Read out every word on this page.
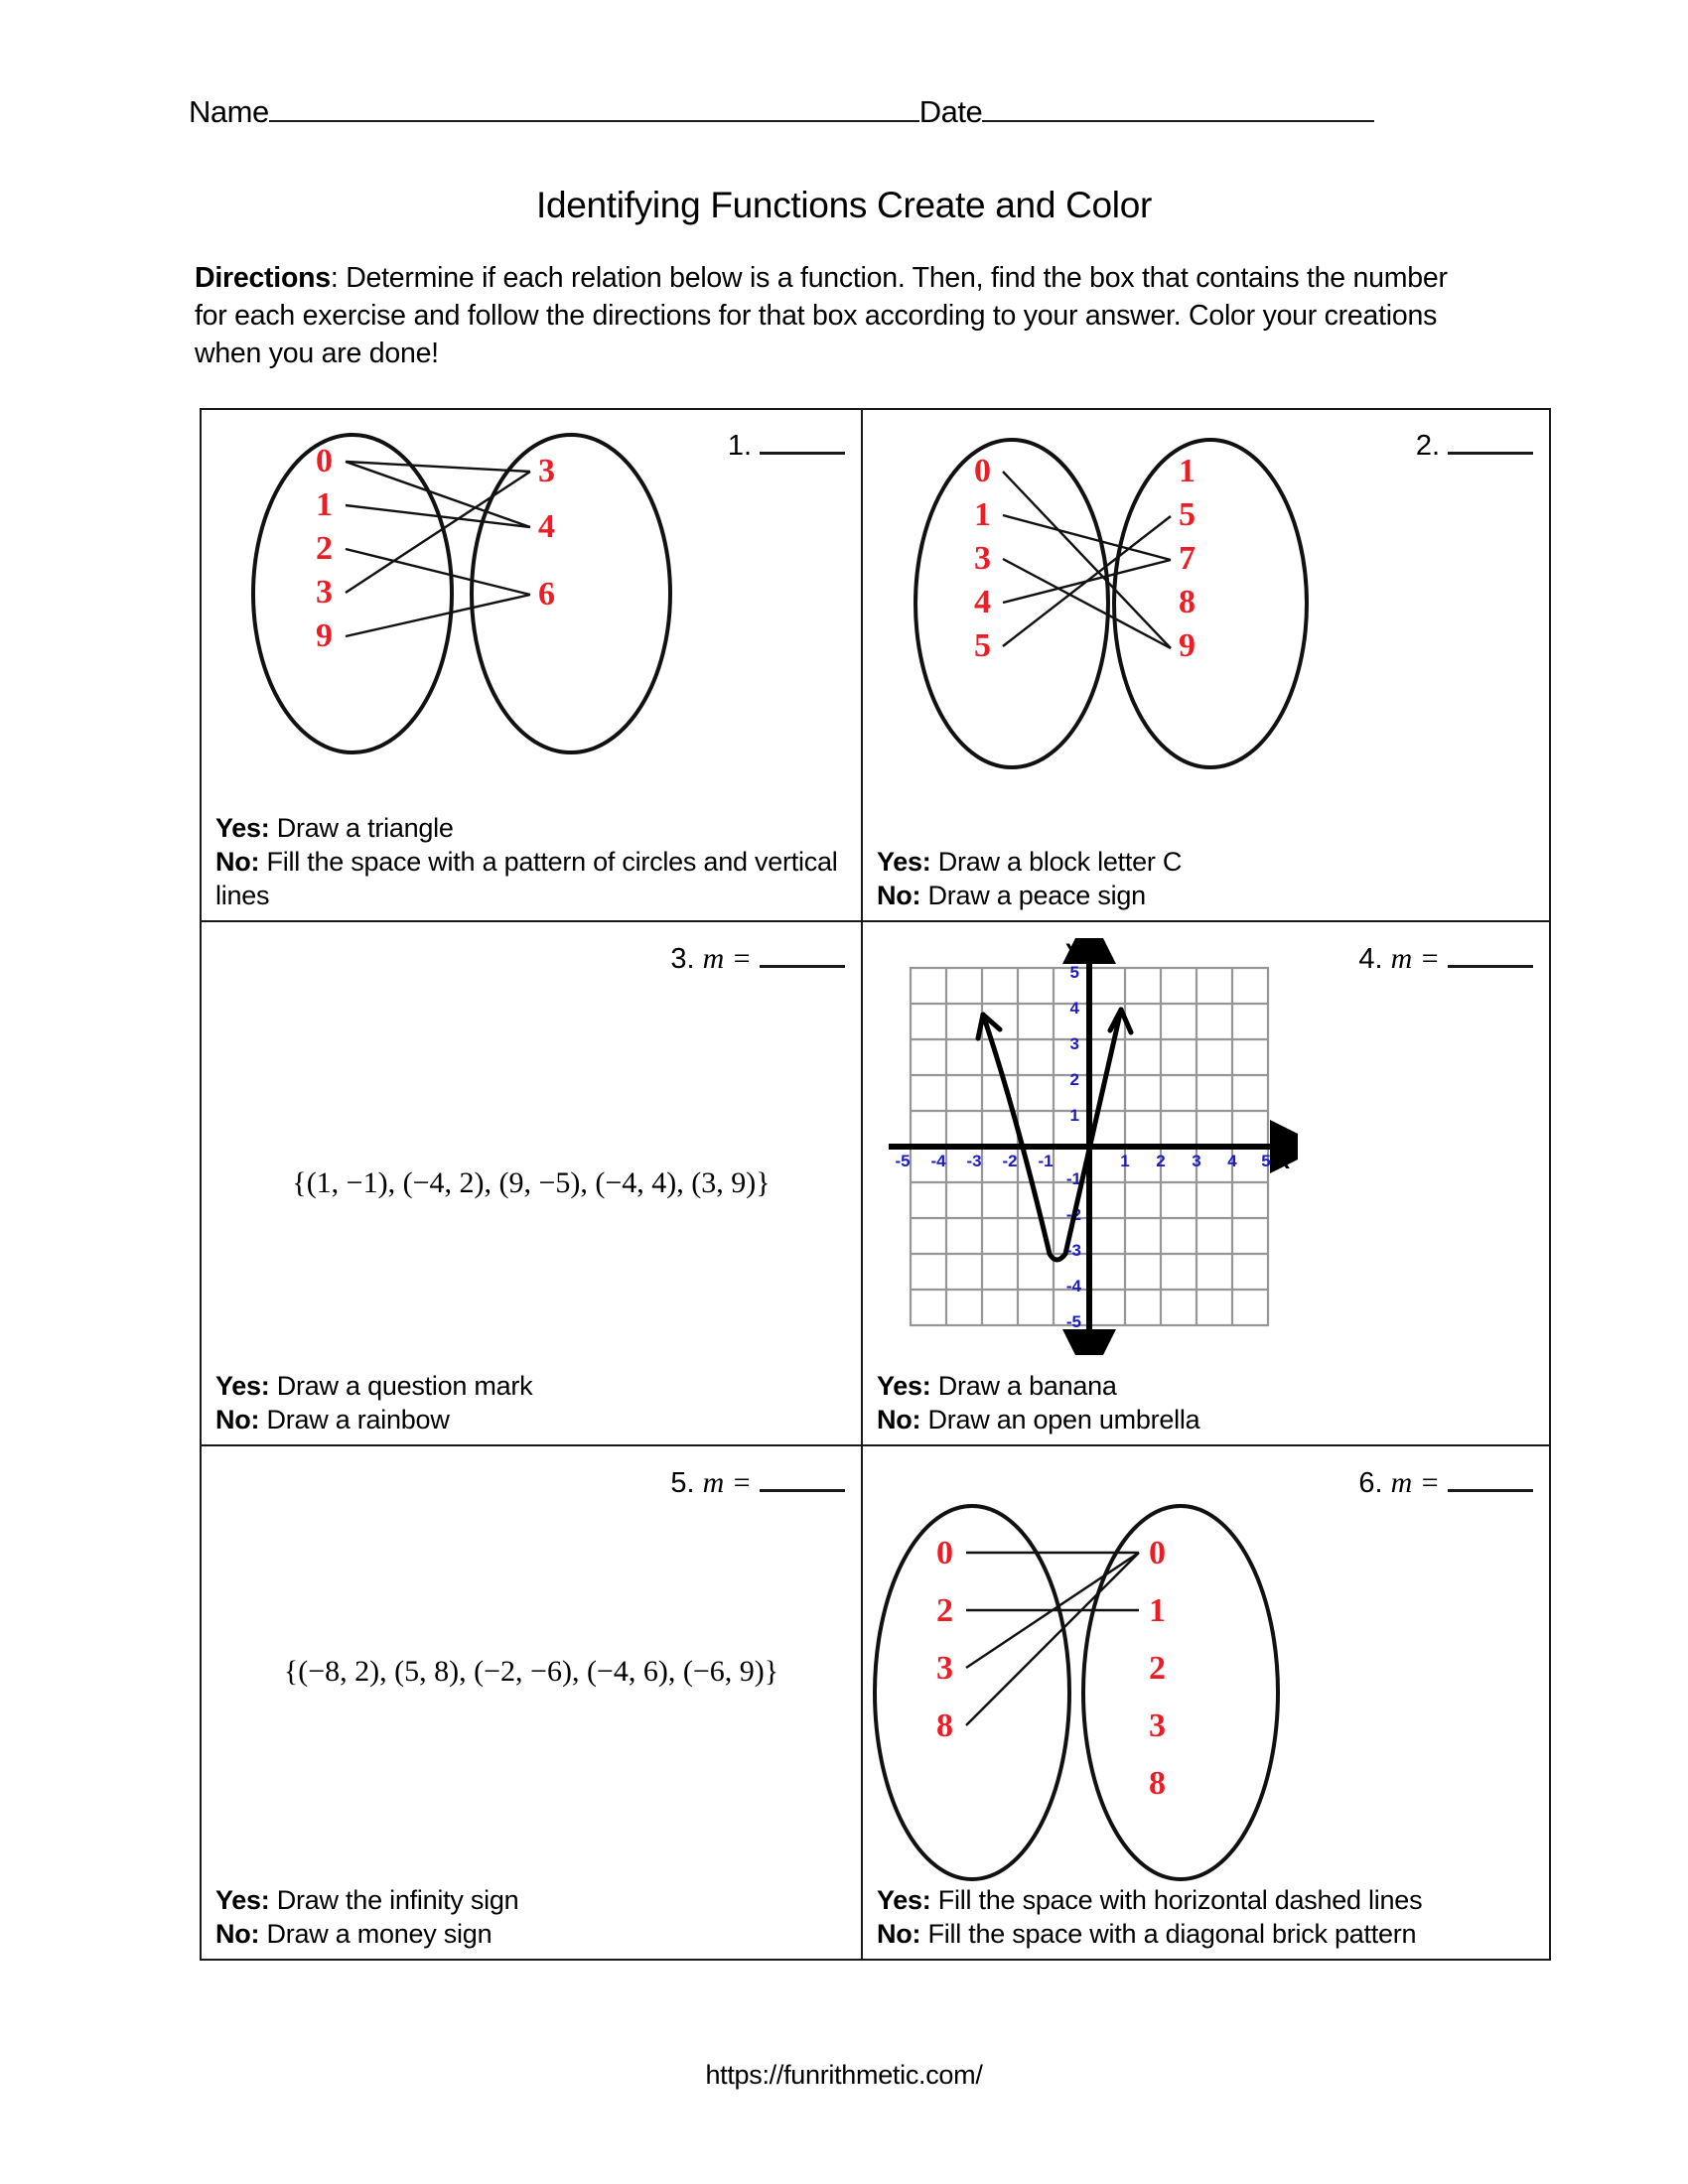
Name	Date
Identifying Functions Create and Color
Directions: Determine if each relation below is a function. Then, find the box that contains the number for each exercise and follow the directions for that box according to your answer. Color your creations when you are done!
0
1
2
3
9
3
4
6
1.
Yes: Draw a triangle
No: Fill the space with a pattern of circles and vertical lines
0
1
3
4
5
1
5
7
8
9
2.
Yes: Draw a block letter C
No: Draw a peace sign
3. m =
{(1, −1), (−4, 2), (9, −5), (−4, 4), (3, 9)}
Yes: Draw a question mark
No: Draw a rainbow
4. m =
X
Y
-5 -4 -3 -2 -1	1 2 3 4 5
5
4
3
2
1
-1
-2
-3
-4
-5
Yes: Draw a banana
No: Draw an open umbrella
5. m =
{(−8, 2), (5, 8), (−2, −6), (−4, 6), (−6, 9)}
Yes: Draw the infinity sign
No: Draw a money sign
6. m =
0
2
3
8
0
1
2
3
8
Yes: Fill the space with horizontal dashed lines
No: Fill the space with a diagonal brick pattern
https://funrithmetic.com/
